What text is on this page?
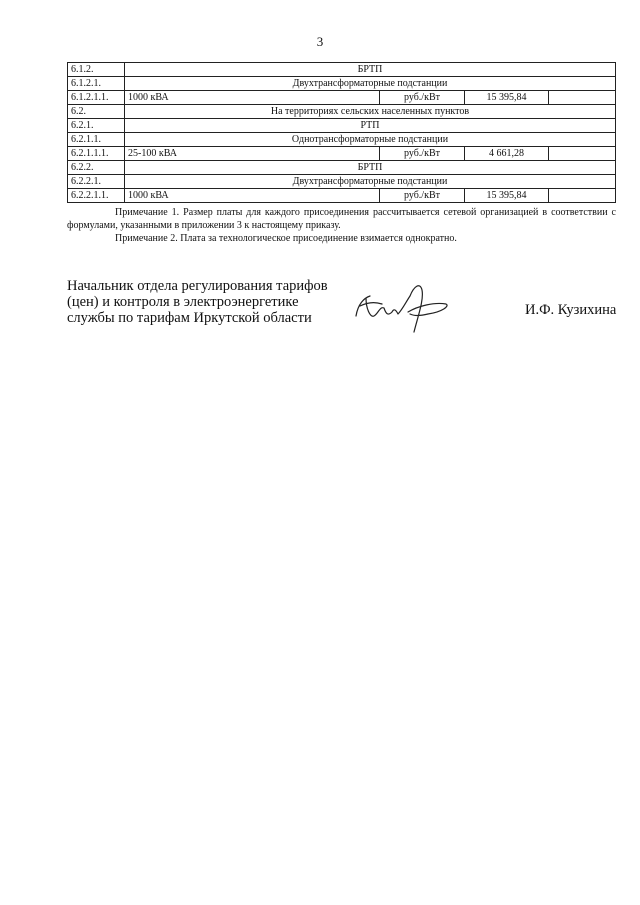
3
6.1.2.	БРТП			
6.1.2.1.	Двухтрансформаторные подстанции			
6.1.2.1.1.	1000 кВА	руб./кВт	15 395,84	
6.2.	На территориях сельских населенных пунктов			
6.2.1.	РТП			
6.2.1.1.	Однотрансформаторные подстанции			
6.2.1.1.1.	25-100 кВА	руб./кВт	4 661,28	
6.2.2.	БРТП			
6.2.2.1.	Двухтрансформаторные подстанции			
6.2.2.1.1.	1000 кВА	руб./кВт	15 395,84	

Примечание 1. Размер платы для каждого присоединения рассчитывается сетевой организацией в соответствии с формулами, указанными в приложении 3 к настоящему приказу.

Примечание 2. Плата за технологическое присоединение взимается однократно.

Начальник отдела регулирования тарифов
(цен) и контроля в электроэнергетике
службы по тарифам Иркутской области	И.Ф. Кузихина
